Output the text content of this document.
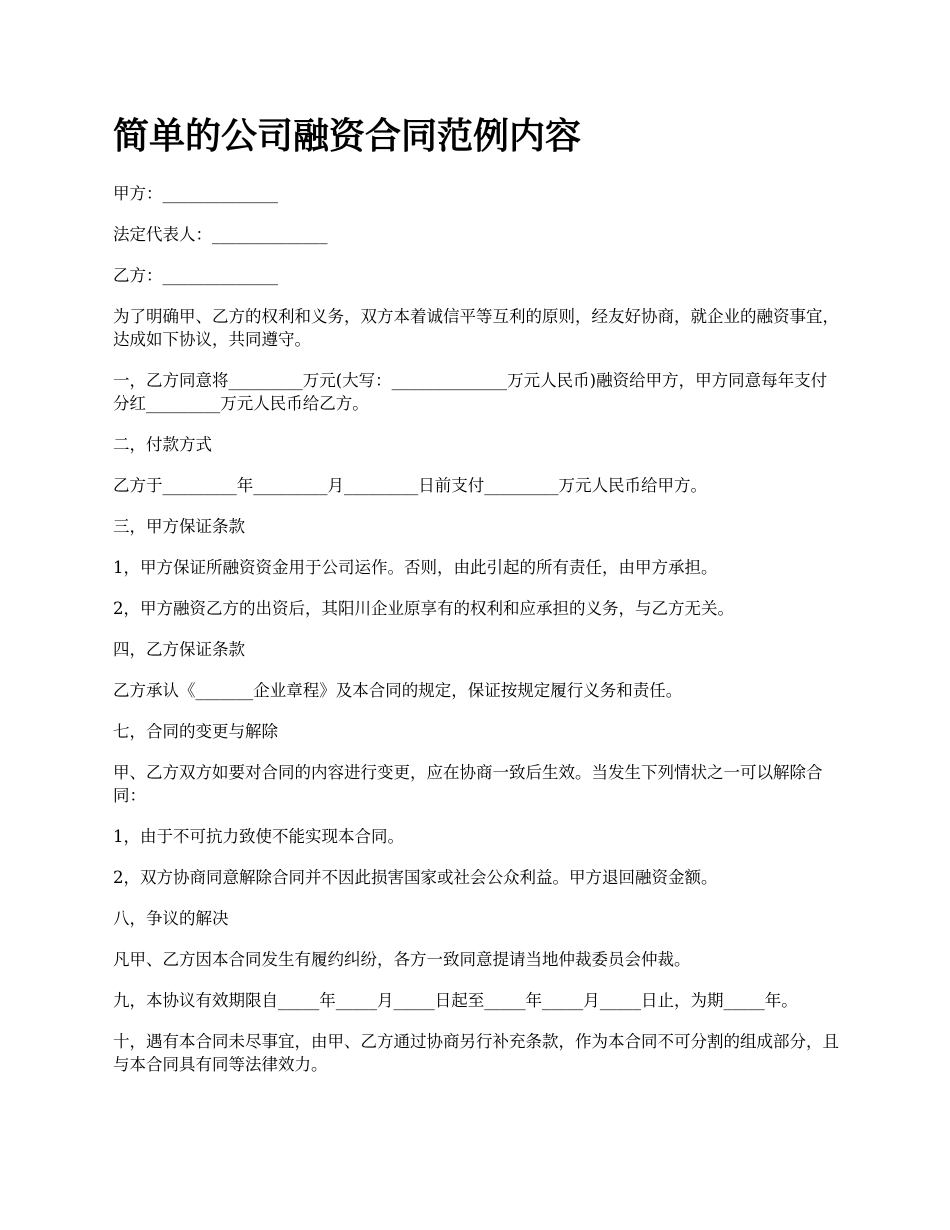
简单的公司融资合同范例内容

甲方：______________

法定代表人：______________

乙方：______________

为了明确甲、乙方的权利和义务，双方本着诚信平等互利的原则，经友好协商，就企业的融资事宜，达成如下协议，共同遵守。

一，乙方同意将_________万元(大写：______________万元人民币)融资给甲方，甲方同意每年支付分红_________万元人民币给乙方。

二，付款方式

乙方于_________年_________月_________日前支付_________万元人民币给甲方。

三，甲方保证条款

1，甲方保证所融资资金用于公司运作。否则，由此引起的所有责任，由甲方承担。

2，甲方融资乙方的出资后，其阳川企业原享有的权利和应承担的义务，与乙方无关。

四，乙方保证条款

乙方承认《_______企业章程》及本合同的规定，保证按规定履行义务和责任。

七，合同的变更与解除

甲、乙方双方如要对合同的内容进行变更，应在协商一致后生效。当发生下列情状之一可以解除合同：

1，由于不可抗力致使不能实现本合同。

2，双方协商同意解除合同并不因此损害国家或社会公众利益。甲方退回融资金额。

八，争议的解决

凡甲、乙方因本合同发生有履约纠纷，各方一致同意提请当地仲裁委员会仲裁。

九，本协议有效期限自_____年_____月_____日起至_____年_____月_____日止，为期_____年。

十，遇有本合同未尽事宜，由甲、乙方通过协商另行补充条款，作为本合同不可分割的组成部分，且与本合同具有同等法律效力。
